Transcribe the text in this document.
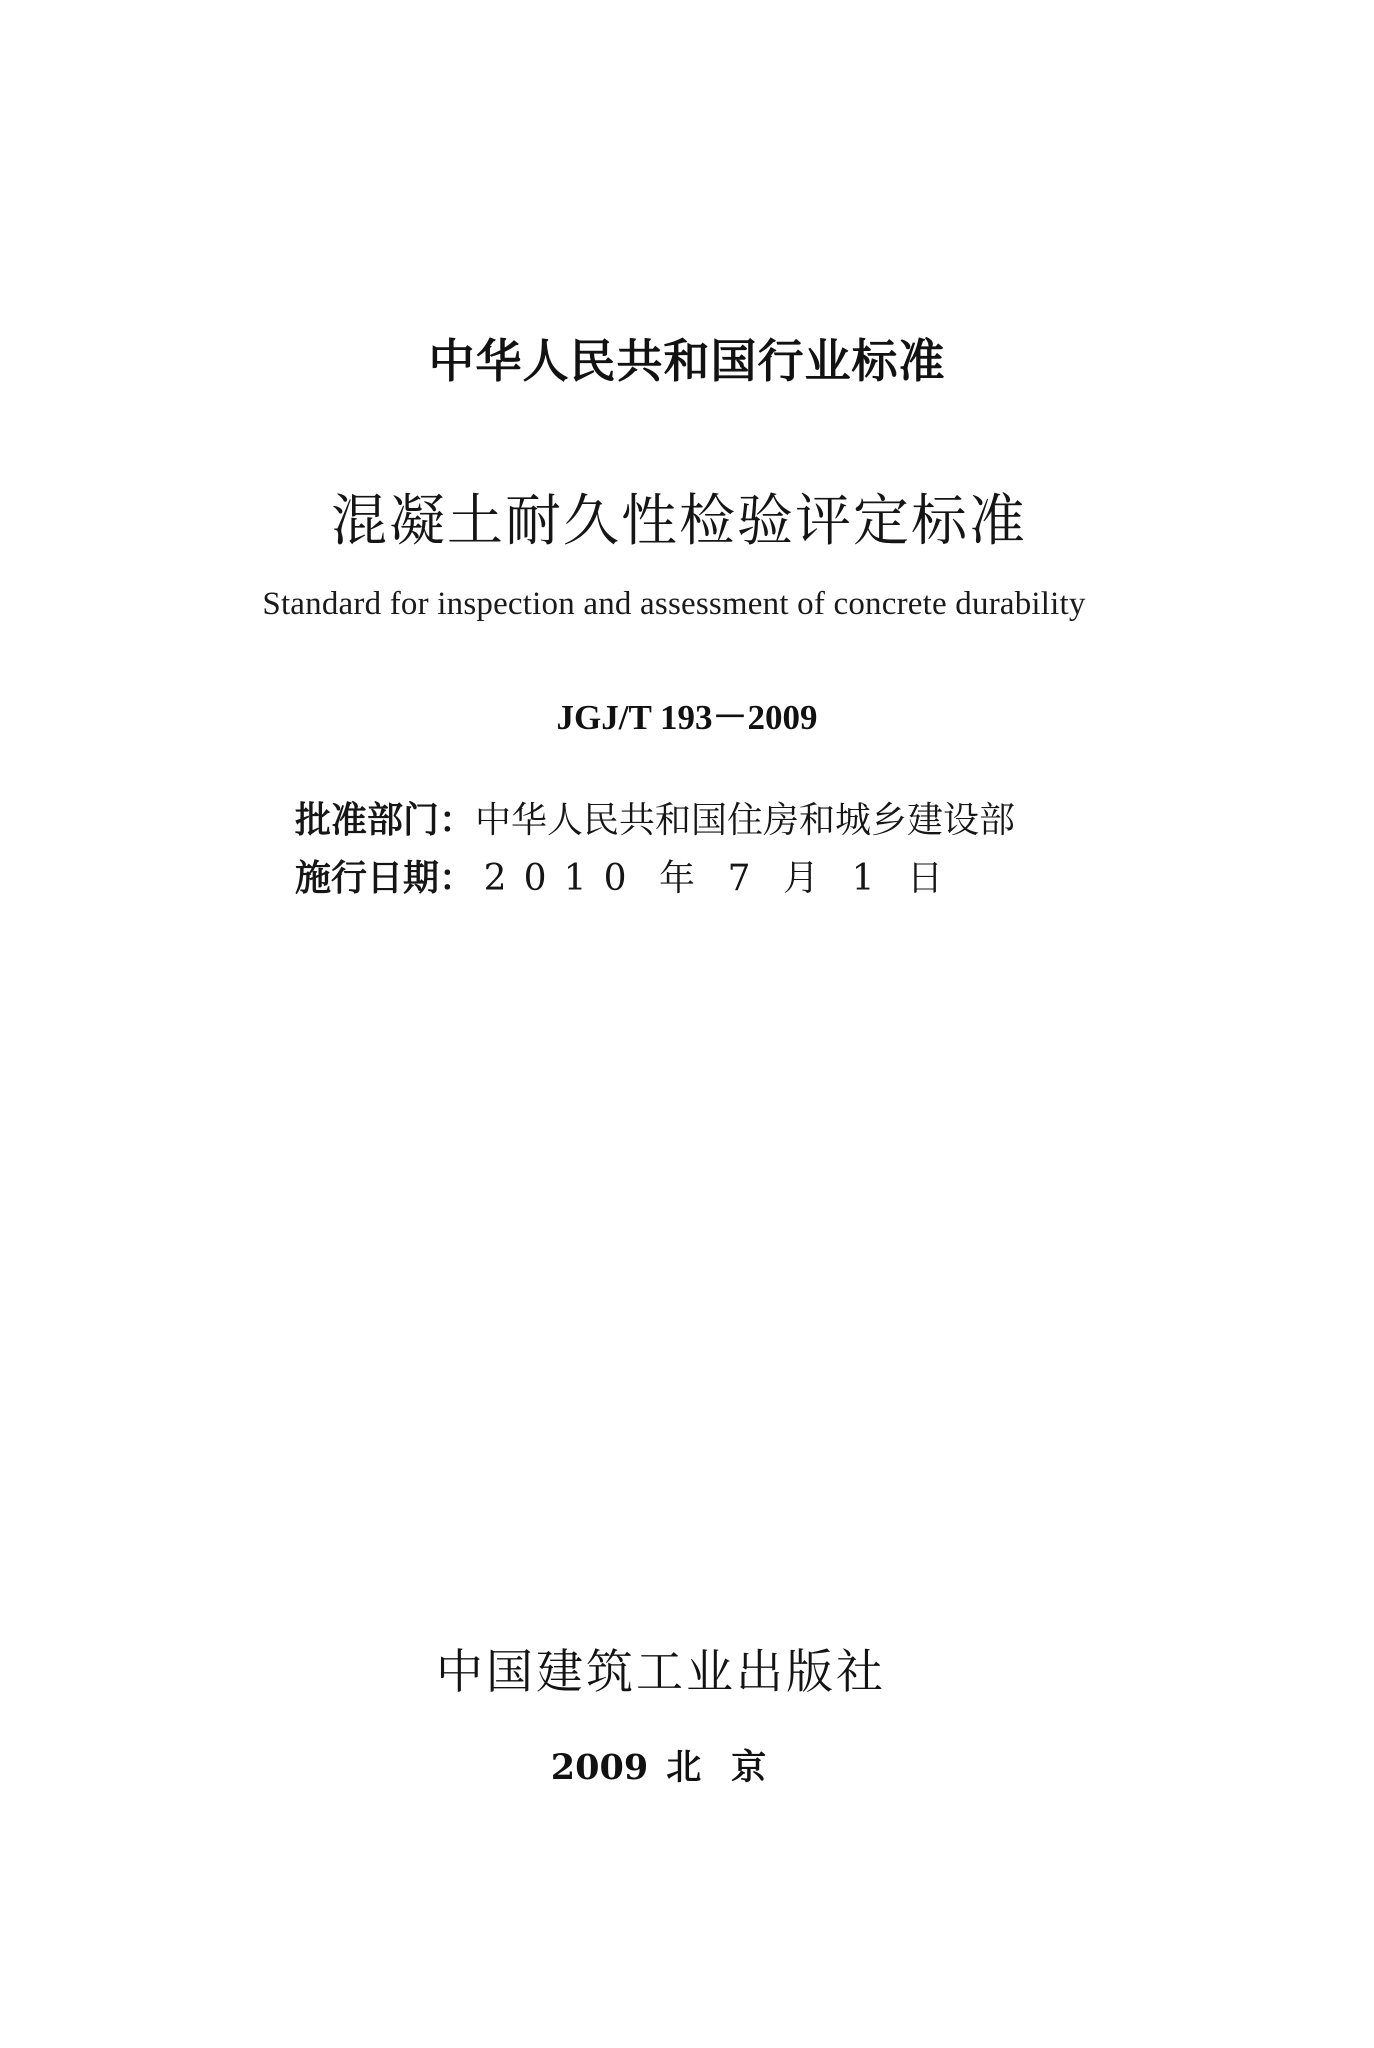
中华人民共和国行业标准
混凝土耐久性检验评定标准
Standard for inspection and assessment of concrete durability
JGJ/T 193－2009
批准部门：中华人民共和国住房和城乡建设部
施行日期： 2 0 1 0 年 7 月 1 日
中国建筑工业出版社
2009 北 京
